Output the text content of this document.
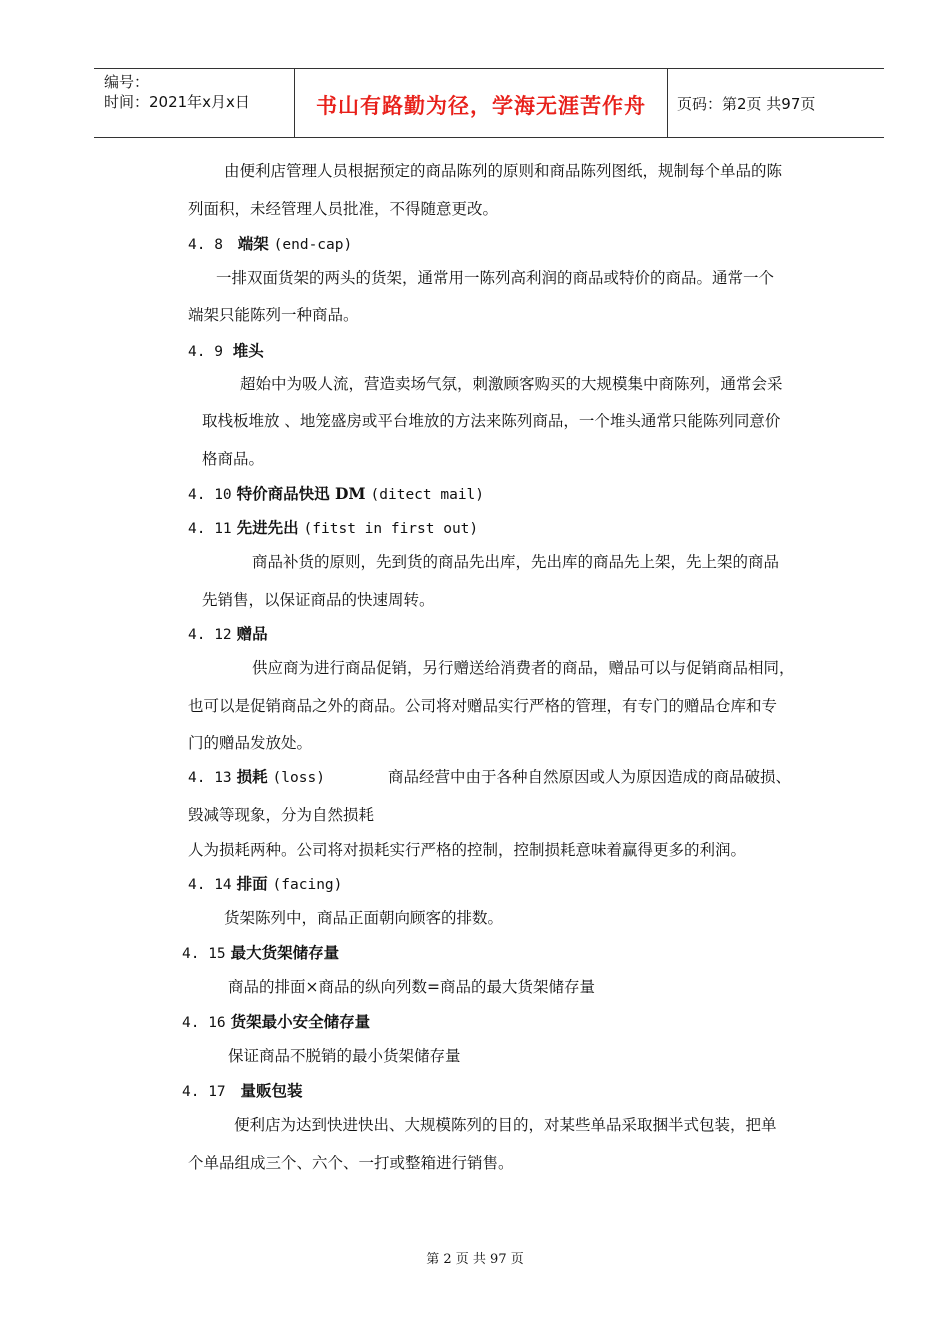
编号：
时间：2021年x月x日	书山有路勤为径，学海无涯苦作舟 页码：第2页 共97页
由便利店管理人员根据预定的商品陈列的原则和商品陈列图纸，规制每个单品的陈
列面积，未经管理人员批准，不得随意更改。
4. 8 端架 (end-cap)
一排双面货架的两头的货架，通常用一陈列高利润的商品或特价的商品。通常一个
端架只能陈列一种商品。
4. 9 堆头
超始中为吸人流，营造卖场气氛，刺激顾客购买的大规模集中商陈列，通常会采
取栈板堆放 、地笼盛房或平台堆放的方法来陈列商品，一个堆头通常只能陈列同意价
格商品。
4. 10 特价商品快迅 DM (ditect mail)
4. 11 先进先出 (fitst in first out)
商品补货的原则，先到货的商品先出库，先出库的商品先上架，先上架的商品
先销售，以保证商品的快速周转。
4. 12 赠品
供应商为进行商品促销，另行赠送给消费者的商品，赠品可以与促销商品相同，
也可以是促销商品之外的商品。公司将对赠品实行严格的管理，有专门的赠品仓库和专
门的赠品发放处。
4. 13 损耗 (loss)	商品经营中由于各种自然原因或人为原因造成的商品破损、
毁减等现象，分为自然损耗
人为损耗两种。公司将对损耗实行严格的控制，控制损耗意味着赢得更多的利润。
4. 14 排面 (facing)
货架陈列中，商品正面朝向顾客的排数。
4. 15 最大货架储存量
商品的排面×商品的纵向列数=商品的最大货架储存量
4. 16 货架最小安全储存量
保证商品不脱销的最小货架储存量
4. 17 量贩包装
便利店为达到快进快出、大规模陈列的目的，对某些单品采取捆半式包装，把单
个单品组成三个、六个、一打或整箱进行销售。
第 2 页 共 97 页
